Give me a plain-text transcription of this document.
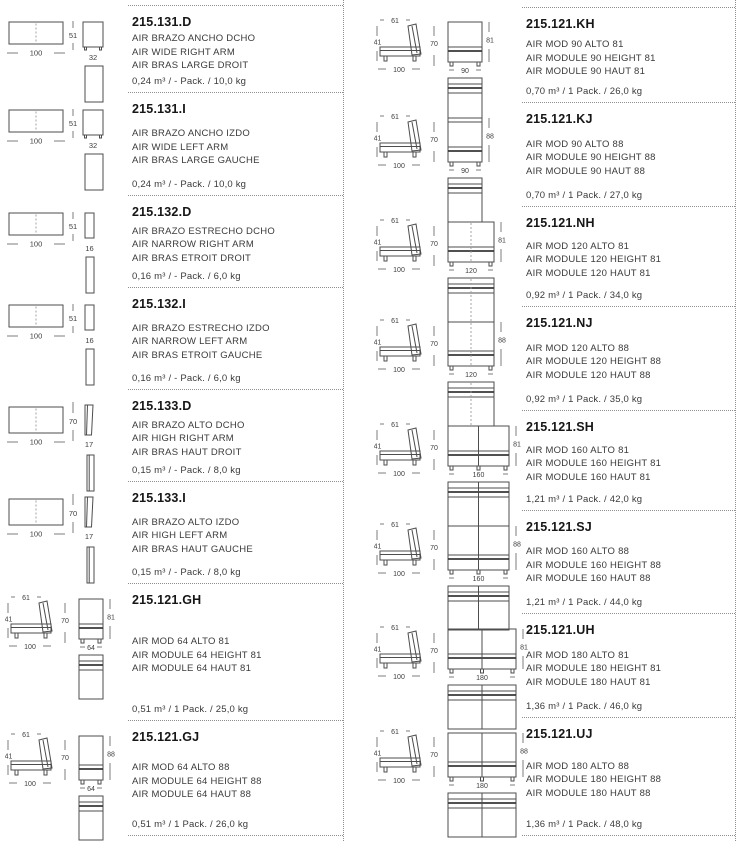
100
51
32
215.131.D
AIR BRAZO ANCHO DCHO
AIR WIDE RIGHT ARM
AIR BRAS LARGE DROIT
0,24 m³ / - Pack. / 10,0 kg
100
51
32
215.131.I
AIR BRAZO ANCHO IZDO
AIR WIDE LEFT ARM
AIR BRAS LARGE GAUCHE
0,24 m³ / - Pack. / 10,0 kg
100
51
16
215.132.D
AIR BRAZO ESTRECHO DCHO
AIR NARROW RIGHT ARM
AIR BRAS ETROIT DROIT
0,16 m³ / - Pack. / 6,0 kg
100
51
16
215.132.I
AIR BRAZO ESTRECHO IZDO
AIR NARROW LEFT ARM
AIR BRAS ETROIT GAUCHE
0,16 m³ / - Pack. / 6,0 kg
100
70
17
215.133.D
AIR BRAZO ALTO DCHO
AIR HIGH RIGHT ARM
AIR BRAS HAUT DROIT
0,15 m³ / - Pack. / 8,0 kg
100
70
17
215.133.I
AIR BRAZO ALTO IZDO
AIR HIGH LEFT ARM
AIR BRAS HAUT GAUCHE
0,15 m³ / - Pack. / 8,0 kg
61
41
100
70	81
64
215.121.GH
AIR MOD 64 ALTO 81
AIR MODULE 64 HEIGHT 81
AIR MODULE 64 HAUT 81
0,51 m³ / 1 Pack. / 25,0 kg
61
41
100
70	88
64
215.121.GJ
AIR MOD 64 ALTO 88
AIR MODULE 64 HEIGHT 88
AIR MODULE 64 HAUT 88
0,51 m³ / 1 Pack. / 26,0 kg
61
41
100
70	81
90
215.121.KH
AIR MOD 90 ALTO 81
AIR MODULE 90 HEIGHT 81
AIR MODULE 90 HAUT 81
0,70 m³ / 1 Pack. / 26,0 kg
61
41
100
70	88
90
215.121.KJ
AIR MOD 90 ALTO 88
AIR MODULE 90 HEIGHT 88
AIR MODULE 90 HAUT 88
0,70 m³ / 1 Pack. / 27,0 kg
61
41
100
70	81
120
215.121.NH
AIR MOD 120 ALTO 81
AIR MODULE 120 HEIGHT 81
AIR MODULE 120 HAUT 81
0,92 m³ / 1 Pack. / 34,0 kg
61
41
100
70	88
120
215.121.NJ
AIR MOD 120 ALTO 88
AIR MODULE 120 HEIGHT 88
AIR MODULE 120 HAUT 88
0,92 m³ / 1 Pack. / 35,0 kg
61
41
100
70	81
160
215.121.SH
AIR MOD 160 ALTO 81
AIR MODULE 160 HEIGHT 81
AIR MODULE 160 HAUT 81
1,21 m³ / 1 Pack. / 42,0 kg
61
41
100
70	88
160
215.121.SJ
AIR MOD 160 ALTO 88
AIR MODULE 160 HEIGHT 88
AIR MODULE 160 HAUT 88
1,21 m³ / 1 Pack. / 44,0 kg
61
41
100
70	81
180
215.121.UH
AIR MOD 180 ALTO 81
AIR MODULE 180 HEIGHT 81
AIR MODULE 180 HAUT 81
1,36 m³ / 1 Pack. / 46,0 kg
61
41
100
70	88
180
215.121.UJ
AIR MOD 180 ALTO 88
AIR MODULE 180 HEIGHT 88
AIR MODULE 180 HAUT 88
1,36 m³ / 1 Pack. / 48,0 kg
